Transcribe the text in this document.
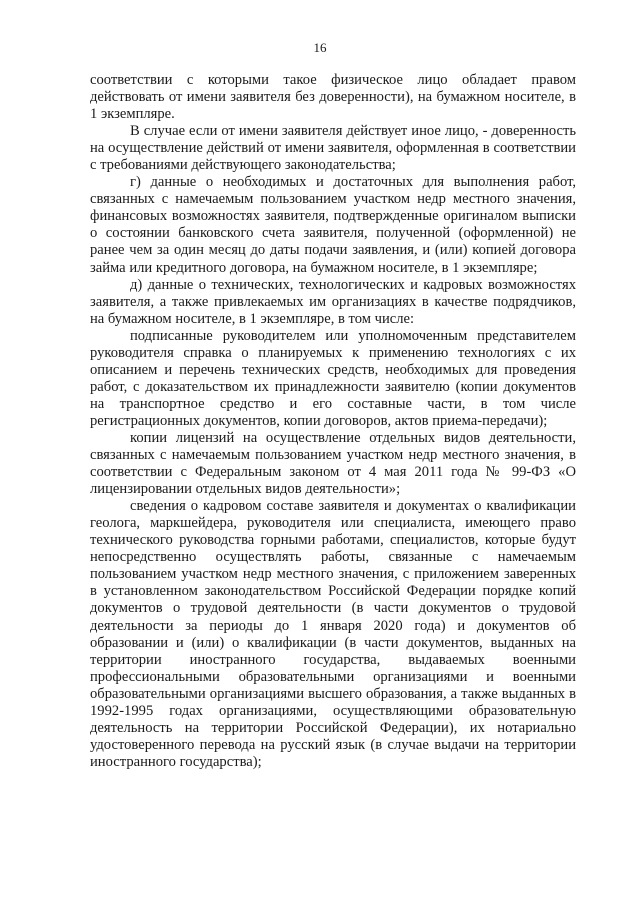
16

соответствии с которыми такое физическое лицо обладает правом действовать от имени заявителя без доверенности), на бумажном носителе, в 1 экземпляре.

В случае если от имени заявителя действует иное лицо, - доверенность на осуществление действий от имени заявителя, оформленная в соответствии с требованиями действующего законодательства;

г) данные о необходимых и достаточных для выполнения работ, связанных с намечаемым пользованием участком недр местного значения, финансовых возможностях заявителя, подтвержденные оригиналом выписки о состоянии банковского счета заявителя, полученной (оформленной) не ранее чем за один месяц до даты подачи заявления, и (или) копией договора займа или кредитного договора, на бумажном носителе, в 1 экземпляре;

д) данные о технических, технологических и кадровых возможностях заявителя, а также привлекаемых им организациях в качестве подрядчиков, на бумажном носителе, в 1 экземпляре, в том числе:

подписанные руководителем или уполномоченным представителем руководителя справка о планируемых к применению технологиях с их описанием и перечень технических средств, необходимых для проведения работ, с доказательством их принадлежности заявителю (копии документов на транспортное средство и его составные части, в том числе регистрационных документов, копии договоров, актов приема-передачи);

копии лицензий на осуществление отдельных видов деятельности, связанных с намечаемым пользованием участком недр местного значения, в соответствии с Федеральным законом от 4 мая 2011 года № 99-ФЗ «О лицензировании отдельных видов деятельности»;

сведения о кадровом составе заявителя и документах о квалификации геолога, маркшейдера, руководителя или специалиста, имеющего право технического руководства горными работами, специалистов, которые будут непосредственно осуществлять работы, связанные с намечаемым пользованием участком недр местного значения, с приложением заверенных в установленном законодательством Российской Федерации порядке копий документов о трудовой деятельности (в части документов о трудовой деятельности за периоды до 1 января 2020 года) и документов об образовании и (или) о квалификации (в части документов, выданных на территории иностранного государства, выдаваемых военными профессиональными образовательными организациями и военными образовательными организациями высшего образования, а также выданных в 1992-1995 годах организациями, осуществляющими образовательную деятельность на территории Российской Федерации), их нотариально удостоверенного перевода на русский язык (в случае выдачи на территории иностранного государства);
